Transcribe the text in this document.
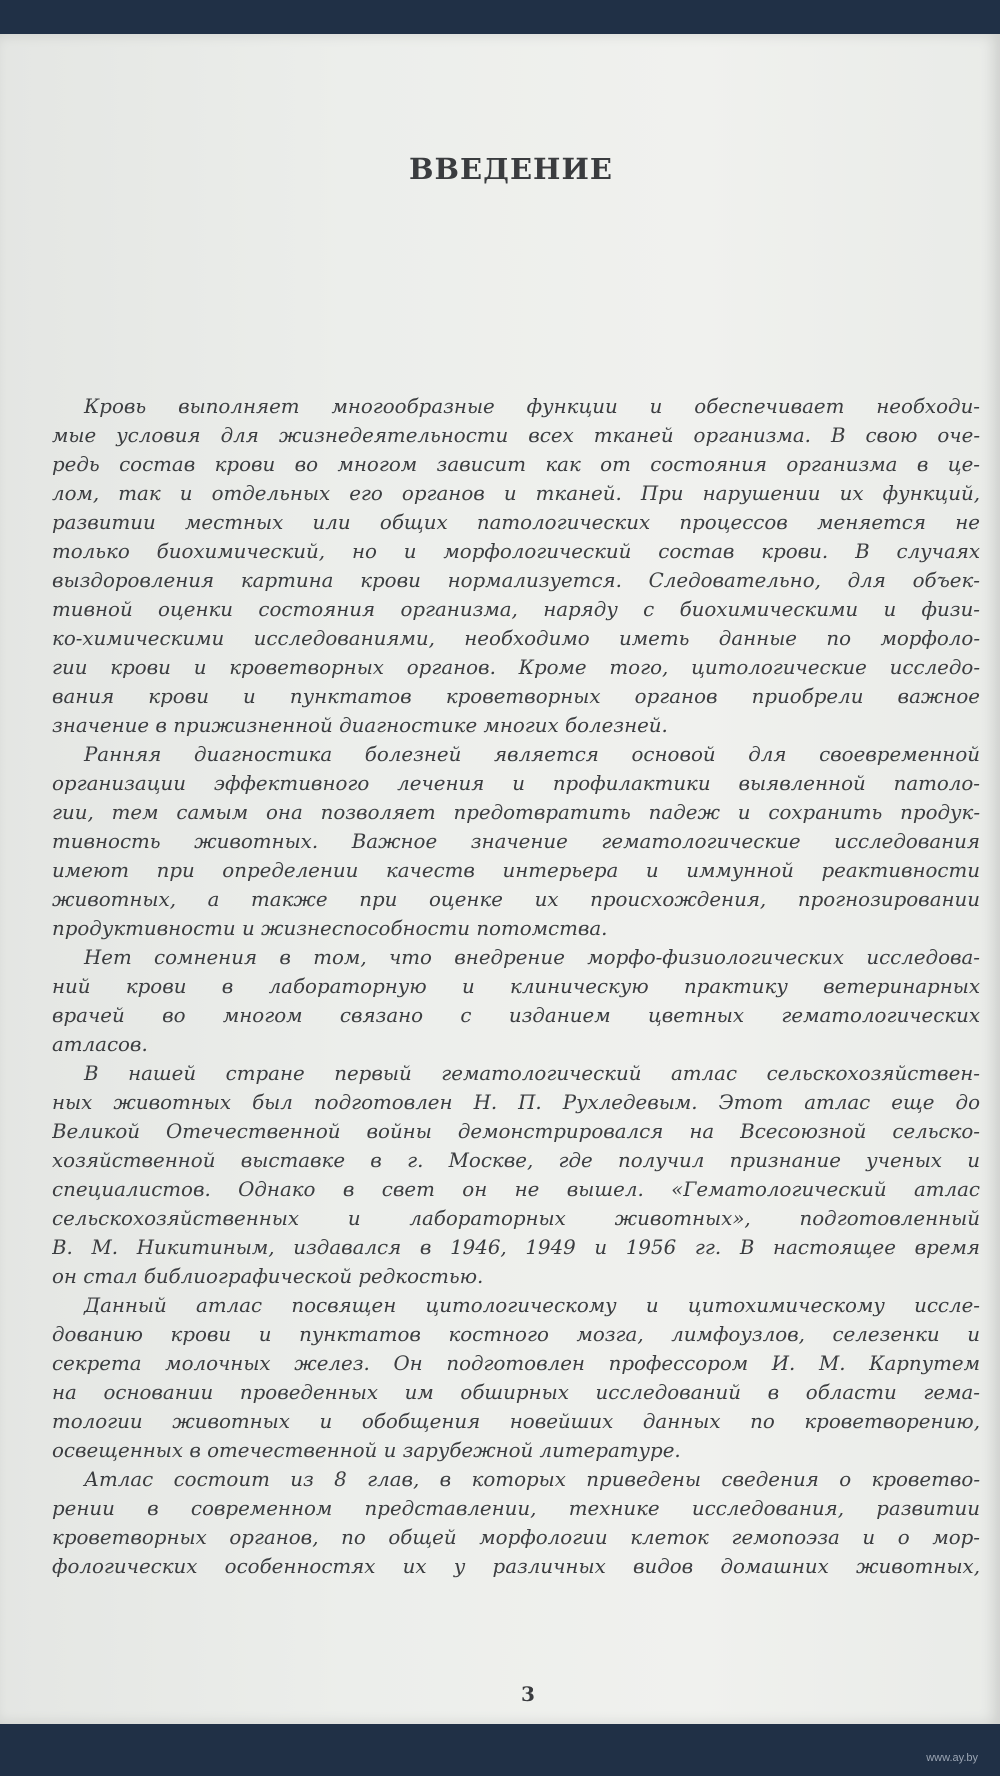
ВВЕДЕНИЕ
Кровь выполняет многообразные функции и обеспечивает необходи-
мые условия для жизнедеятельности всех тканей организма. В свою оче-
редь состав крови во многом зависит как от состояния организма в це-
лом, так и отдельных его органов и тканей. При нарушении их функций,
развитии местных или общих патологических процессов меняется не
только биохимический, но и морфологический состав крови. В случаях
выздоровления картина крови нормализуется. Следовательно, для объек-
тивной оценки состояния организма, наряду с биохимическими и физи-
ко-химическими исследованиями, необходимо иметь данные по морфоло-
гии крови и кроветворных органов. Кроме того, цитологические исследо-
вания крови и пунктатов кроветворных органов приобрели важное
значение в прижизненной диагностике многих болезней.
Ранняя диагностика болезней является основой для своевременной
организации эффективного лечения и профилактики выявленной патоло-
гии, тем самым она позволяет предотвратить падеж и сохранить продук-
тивность животных. Важное значение гематологические исследования
имеют при определении качеств интерьера и иммунной реактивности
животных, а также при оценке их происхождения, прогнозировании
продуктивности и жизнеспособности потомства.
Нет сомнения в том, что внедрение морфо-физиологических исследова-
ний крови в лабораторную и клиническую практику ветеринарных
врачей во многом связано с изданием цветных гематологических
атласов.
В нашей стране первый гематологический атлас сельскохозяйствен-
ных животных был подготовлен Н. П. Рухледевым. Этот атлас еще до
Великой Отечественной войны демонстрировался на Всесоюзной сельско-
хозяйственной выставке в г. Москве, где получил признание ученых и
специалистов. Однако в свет он не вышел. «Гематологический атлас
сельскохозяйственных и лабораторных животных», подготовленный
В. М. Никитиным, издавался в 1946, 1949 и 1956 гг. В настоящее время
он стал библиографической редкостью.
Данный атлас посвящен цитологическому и цитохимическому иссле-
дованию крови и пунктатов костного мозга, лимфоузлов, селезенки и
секрета молочных желез. Он подготовлен профессором И. М. Карпутем
на основании проведенных им обширных исследований в области гема-
тологии животных и обобщения новейших данных по кроветворению,
освещенных в отечественной и зарубежной литературе.
Атлас состоит из 8 глав, в которых приведены сведения о кроветво-
рении в современном представлении, технике исследования, развитии
кроветворных органов, по общей морфологии клеток гемопоэза и о мор-
фологических особенностях их у различных видов домашних животных,
3
www.ay.by
